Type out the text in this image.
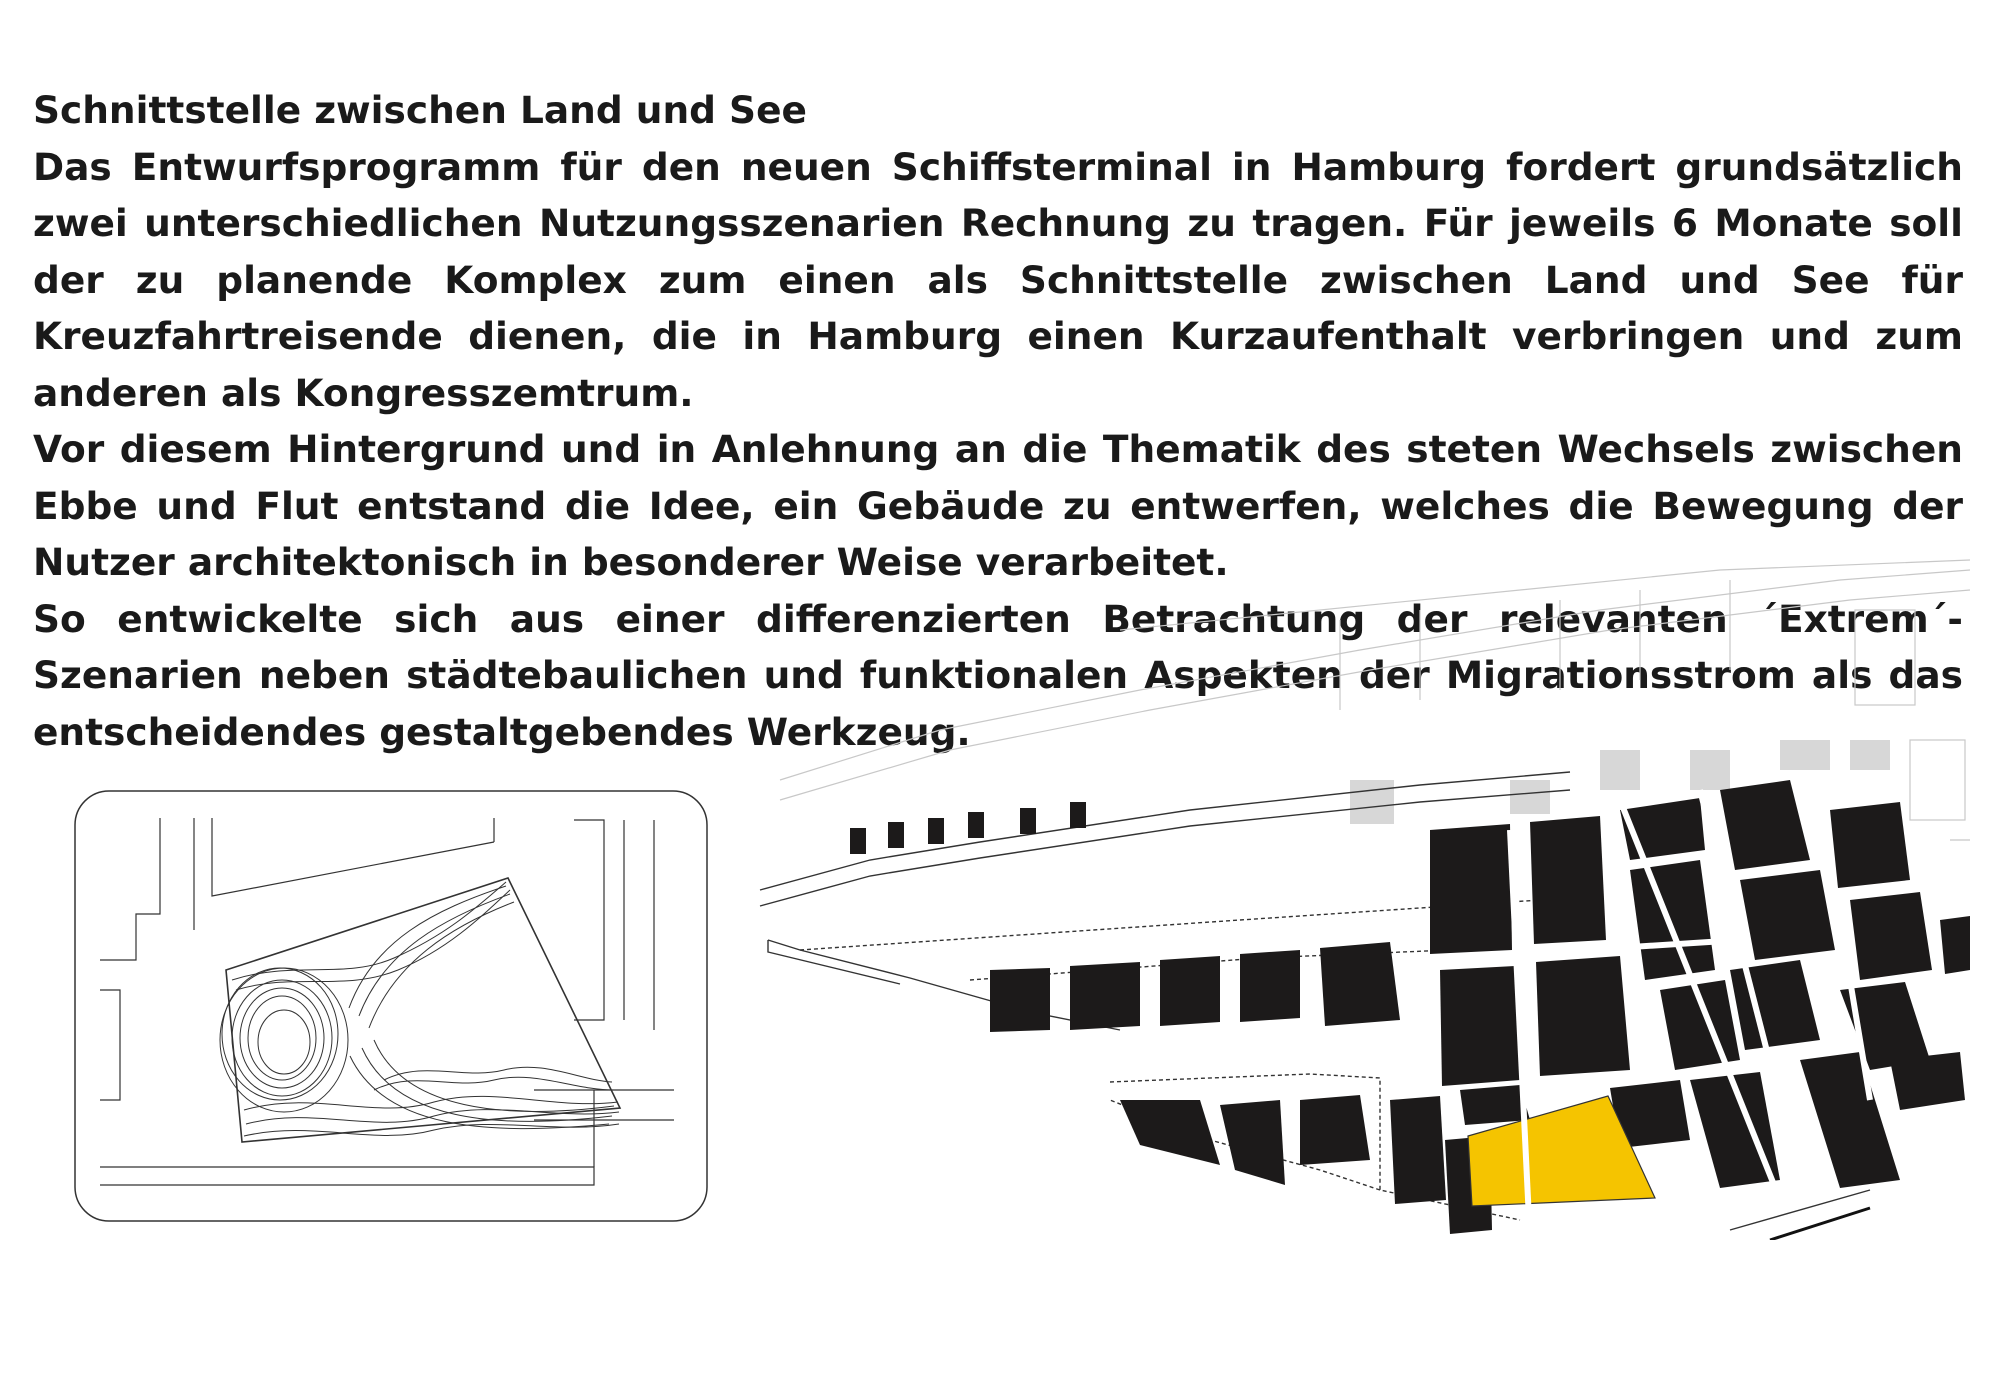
Schnittstelle zwischen Land und See

Das Entwurfsprogramm für den neuen Schiffsterminal in Hamburg fordert grundsätzlich zwei unterschiedlichen Nutzungsszenarien Rechnung zu tragen. Für jeweils 6 Monate soll der zu planende Komplex zum einen als Schnittstelle zwischen Land und See für Kreuzfahrtreisende dienen, die in Hamburg einen Kurzaufenthalt verbringen und zum anderen als Kongresszemtrum.

Vor diesem Hintergrund und in Anlehnung an die Thematik des steten Wechsels zwischen Ebbe und Flut entstand die Idee, ein Gebäude zu entwerfen, welches die Bewegung der Nutzer architektonisch in besonderer Weise verarbeitet.

So entwickelte sich aus einer differenzierten Betrachtung der relevanten ´Extrem´-Szenarien neben städtebaulichen und funktionalen Aspekten der Migrationsstrom als das entscheidendes gestaltgebendes Werkzeug.
